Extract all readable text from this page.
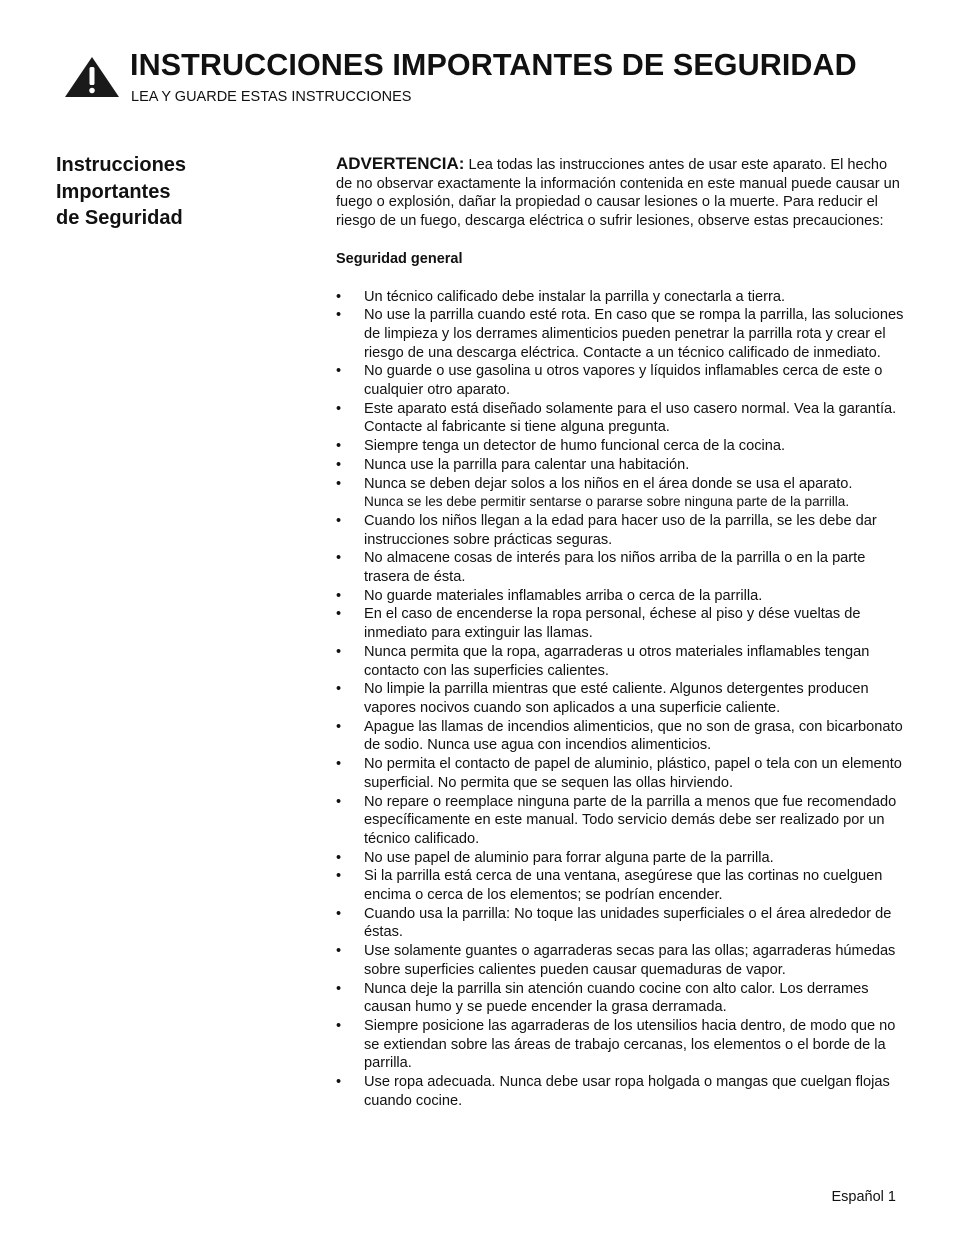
INSTRUCCIONES IMPORTANTES DE SEGURIDAD
LEA Y GUARDE ESTAS INSTRUCCIONES
Instrucciones
Importantes
de Seguridad

ADVERTENCIA: Lea todas las instrucciones antes de usar este aparato. El hecho de no observar exactamente la información contenida en este manual puede causar un fuego o explosión, dañar la propiedad o causar lesiones o la muerte. Para reducir el riesgo de un fuego, descarga eléctrica o sufrir lesiones, observe estas precauciones:

Seguridad general
• Un técnico calificado debe instalar la parrilla y conectarla a tierra.
• No use la parrilla cuando esté rota. En caso que se rompa la parrilla, las soluciones de limpieza y los derrames alimenticios pueden penetrar la parrilla rota y crear el riesgo de una descarga eléctrica. Contacte a un técnico calificado de inmediato.
• No guarde o use gasolina u otros vapores y líquidos inflamables cerca de este o cualquier otro aparato.
• Este aparato está diseñado solamente para el uso casero normal. Vea la garantía. Contacte al fabricante si tiene alguna pregunta.
• Siempre tenga un detector de humo funcional cerca de la cocina.
• Nunca use la parrilla para calentar una habitación.
• Nunca se deben dejar solos a los niños en el área donde se usa el aparato.
Nunca se les debe permitir sentarse o pararse sobre ninguna parte de la parrilla.
• Cuando los niños llegan a la edad para hacer uso de la parrilla, se les debe dar instrucciones sobre prácticas seguras.
• No almacene cosas de interés para los niños arriba de la parrilla o en la parte trasera de ésta.
• No guarde materiales inflamables arriba o cerca de la parrilla.
• En el caso de encenderse la ropa personal, échese al piso y dése vueltas de inmediato para extinguir las llamas.
• Nunca permita que la ropa, agarraderas u otros materiales inflamables tengan contacto con las superficies calientes.
• No limpie la parrilla mientras que esté caliente. Algunos detergentes producen vapores nocivos cuando son aplicados a una superficie caliente.
• Apague las llamas de incendios alimenticios, que no son de grasa, con bicarbonato de sodio. Nunca use agua con incendios alimenticios.
• No permita el contacto de papel de aluminio, plástico, papel o tela con un elemento superficial. No permita que se sequen las ollas hirviendo.
• No repare o reemplace ninguna parte de la parrilla a menos que fue recomendado específicamente en este manual. Todo servicio demás debe ser realizado por un técnico calificado.
• No use papel de aluminio para forrar alguna parte de la parrilla.
• Si la parrilla está cerca de una ventana, asegúrese que las cortinas no cuelguen encima o cerca de los elementos; se podrían encender.
• Cuando usa la parrilla: No toque las unidades superficiales o el área alrededor de éstas.
• Use solamente guantes o agarraderas secas para las ollas; agarraderas húmedas sobre superficies calientes pueden causar quemaduras de vapor.
• Nunca deje la parrilla sin atención cuando cocine con alto calor. Los derrames causan humo y se puede encender la grasa derramada.
• Siempre posicione las agarraderas de los utensilios hacia dentro, de modo que no se extiendan sobre las áreas de trabajo cercanas, los elementos o el borde de la parrilla.
• Use ropa adecuada. Nunca debe usar ropa holgada o mangas que cuelgan flojas cuando cocine.
Español 1
